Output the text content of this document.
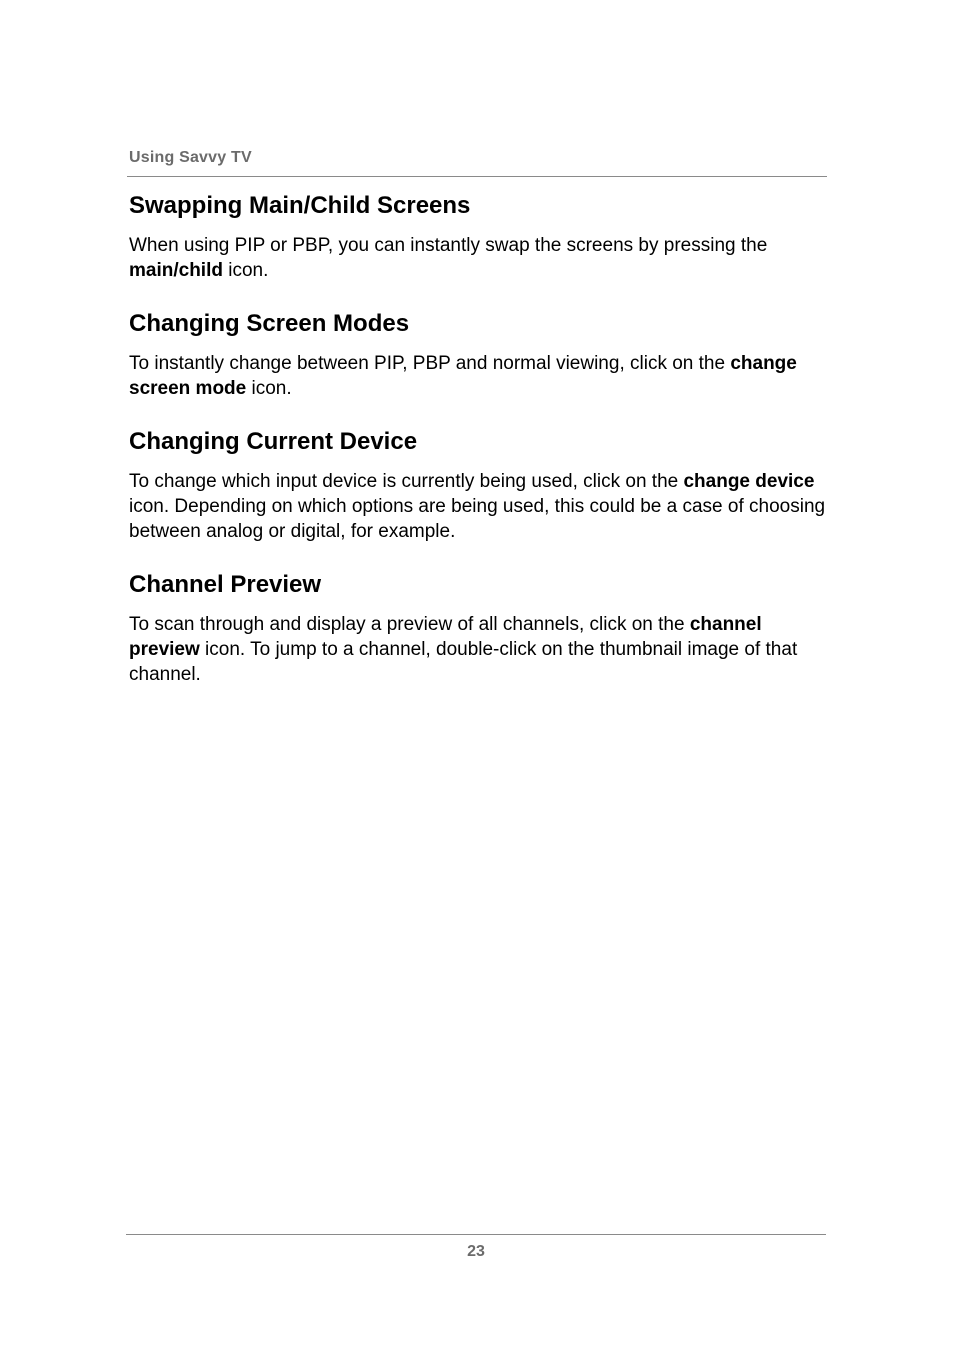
Using Savvy TV
Swapping Main/Child Screens

When using PIP or PBP, you can instantly swap the screens by pressing the main/child icon.

Changing Screen Modes

To instantly change between PIP, PBP and normal viewing, click on the change screen mode icon.

Changing Current Device

To change which input device is currently being used, click on the change device icon. Depending on which options are being used, this could be a case of choosing between analog or digital, for example.

Channel Preview

To scan through and display a preview of all channels, click on the channel preview icon. To jump to a channel, double-click on the thumbnail image of that channel.

23
